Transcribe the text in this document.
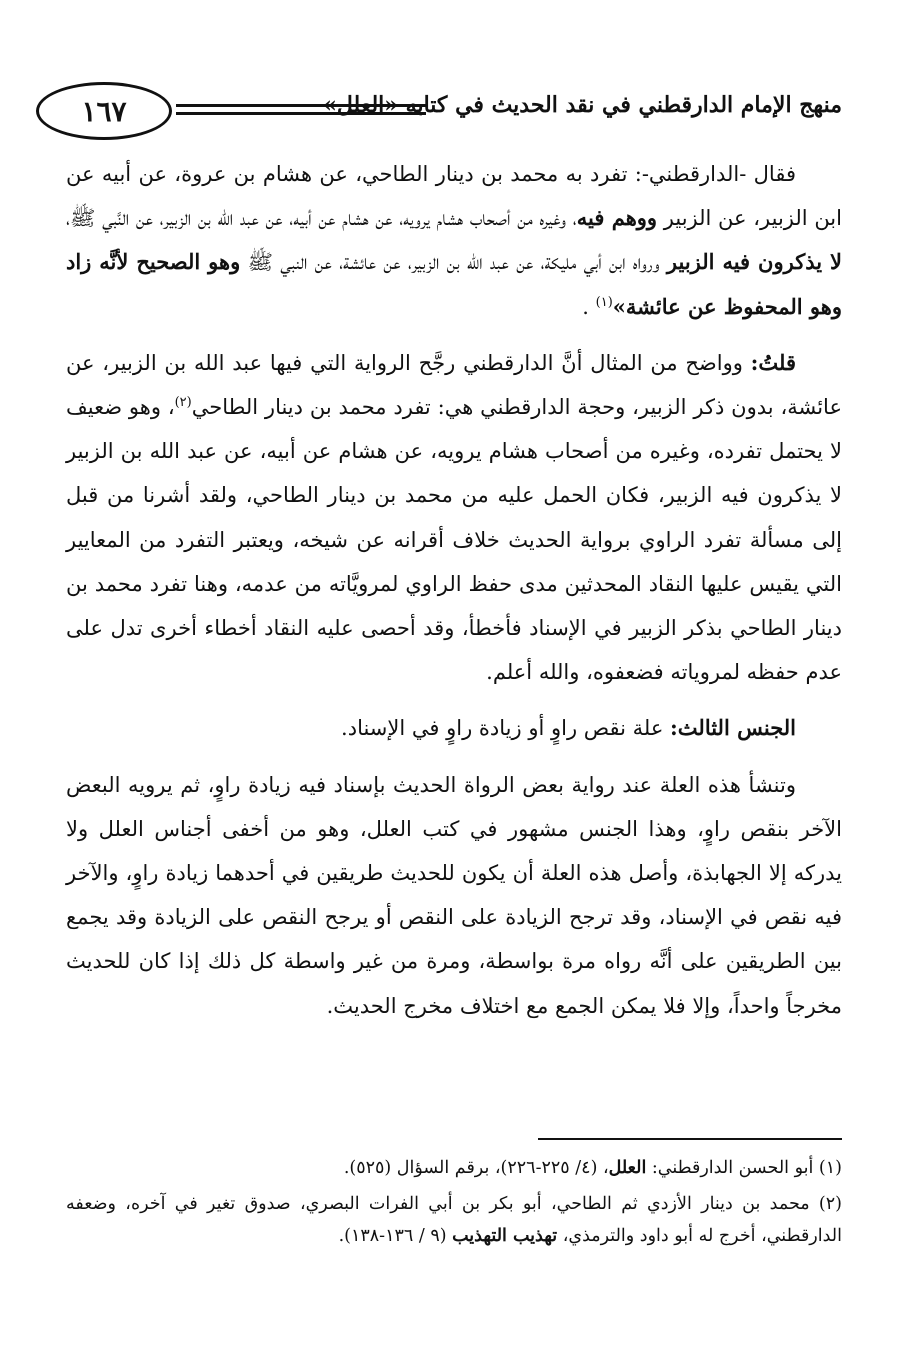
١٦٧	منهج الإمام الدارقطني في نقد الحديث في كتابه «العلل»

فقال -الدارقطني-: تفرد به محمد بن دينار الطاحي، عن هشام بن عروة، عن أبيه عن ابن الزبير، عن الزبير ووهم فيه، وغيره من أصحاب هشام يرويه، عن هشام عن أبيه، عن عبد الله بن الزبير، عن النَّبي ﷺ، لا يذكرون فيه الزبير ورواه ابن أبي مليكة، عن عبد الله بن الزبير، عن عائشة، عن النبي ﷺ وهو الصحيح لأنَّه زاد وهو المحفوظ عن عائشة»$^{(١)}$ .

قلتُ: وواضح من المثال أنَّ الدارقطني رجَّح الرواية التي فيها عبد الله بن الزبير، عن عائشة، بدون ذكر الزبير، وحجة الدارقطني هي: تفرد محمد بن دينار الطاحي$^{(٢)}$، وهو ضعيف لا يحتمل تفرده، وغيره من أصحاب هشام يرويه، عن هشام عن أبيه، عن عبد الله بن الزبير لا يذكرون فيه الزبير، فكان الحمل عليه من محمد بن دينار الطاحي، ولقد أشرنا من قبل إلى مسألة تفرد الراوي برواية الحديث خلاف أقرانه عن شيخه، ويعتبر التفرد من المعايير التي يقيس عليها النقاد المحدثين مدى حفظ الراوي لمرويَّاته من عدمه، وهنا تفرد محمد بن دينار الطاحي بذكر الزبير في الإسناد فأخطأ، وقد أحصى عليه النقاد أخطاء أخرى تدل على عدم حفظه لمروياته فضعفوه، والله أعلم.

الجنس الثالث: علة نقص راوٍ أو زيادة راوٍ في الإسناد.

وتنشأ هذه العلة عند رواية بعض الرواة الحديث بإسناد فيه زيادة راوٍ، ثم يرويه البعض الآخر بنقص راوٍ، وهذا الجنس مشهور في كتب العلل، وهو من أخفى أجناس العلل ولا يدركه إلا الجهابذة، وأصل هذه العلة أن يكون للحديث طريقين في أحدهما زيادة راوٍ، والآخر فيه نقص في الإسناد، وقد ترجح الزيادة على النقص أو يرجح النقص على الزيادة وقد يجمع بين الطريقين على أنَّه رواه مرة بواسطة، ومرة من غير واسطة كل ذلك إذا كان للحديث مخرجاً واحداً، وإلا فلا يمكن الجمع مع اختلاف مخرج الحديث.

(١) أبو الحسن الدارقطني: العلل، (٤/ ٢٢٥-٢٢٦)، برقم السؤال (٥٢٥).

(٢) محمد بن دينار الأزدي ثم الطاحي، أبو بكر بن أبي الفرات البصري، صدوق تغير في آخره، وضعفه الدارقطني، أخرج له أبو داود والترمذي، تهذيب التهذيب (٩ / ١٣٦-١٣٨).
